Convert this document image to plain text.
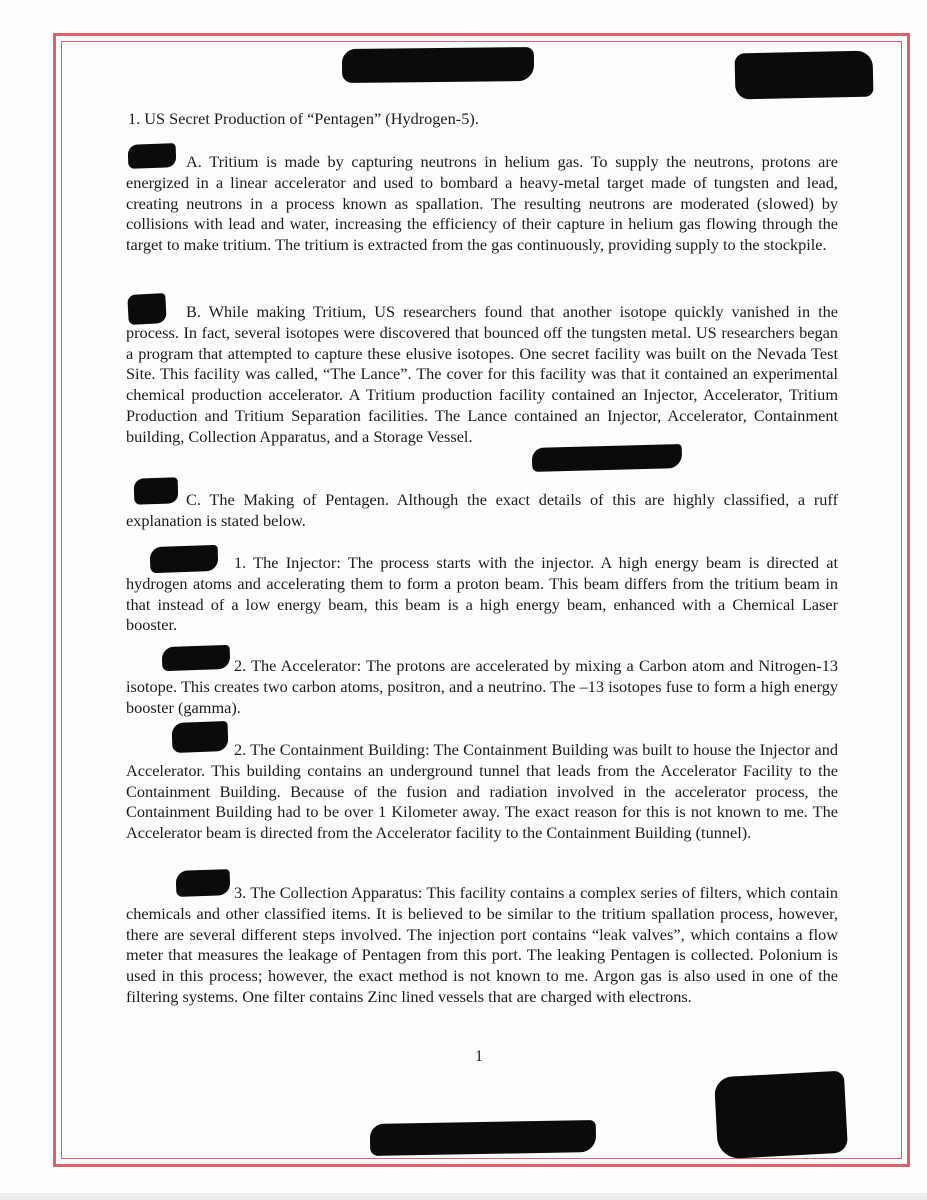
1. US Secret Production of “Pentagen” (Hydrogen-5).
A. Tritium is made by capturing neutrons in helium gas. To supply the neutrons, protons are energized in a linear accelerator and used to bombard a heavy-metal target made of tungsten and lead, creating neutrons in a process known as spallation. The resulting neutrons are moderated (slowed) by collisions with lead and water, increasing the efficiency of their capture in helium gas flowing through the target to make tritium. The tritium is extracted from the gas continuously, providing supply to the stockpile.
B. While making Tritium, US researchers found that another isotope quickly vanished in the process. In fact, several isotopes were discovered that bounced off the tungsten metal. US researchers began a program that attempted to capture these elusive isotopes. One secret facility was built on the Nevada Test Site. This facility was called, “The Lance”. The cover for this facility was that it contained an experimental chemical production accelerator. A Tritium production facility contained an Injector, Accelerator, Tritium Production and Tritium Separation facilities. The Lance contained an Injector, Accelerator, Containment building, Collection Apparatus, and a Storage Vessel.
C. The Making of Pentagen. Although the exact details of this are highly classified, a ruff explanation is stated below.
1. The Injector: The process starts with the injector. A high energy beam is directed at hydrogen atoms and accelerating them to form a proton beam. This beam differs from the tritium beam in that instead of a low energy beam, this beam is a high energy beam, enhanced with a Chemical Laser booster.
2. The Accelerator: The protons are accelerated by mixing a Carbon atom and Nitrogen-13 isotope. This creates two carbon atoms, positron, and a neutrino. The –13 isotopes fuse to form a high energy booster (gamma).
2. The Containment Building: The Containment Building was built to house the Injector and Accelerator. This building contains an underground tunnel that leads from the Accelerator Facility to the Containment Building. Because of the fusion and radiation involved in the accelerator process, the Containment Building had to be over 1 Kilometer away. The exact reason for this is not known to me. The Accelerator beam is directed from the Accelerator facility to the Containment Building (tunnel).
3. The Collection Apparatus: This facility contains a complex series of filters, which contain chemicals and other classified items. It is believed to be similar to the tritium spallation process, however, there are several different steps involved. The injection port contains “leak valves”, which contains a flow meter that measures the leakage of Pentagen from this port. The leaking Pentagen is collected. Polonium is used in this process; however, the exact method is not known to me. Argon gas is also used in one of the filtering systems. One filter contains Zinc lined vessels that are charged with electrons.
1
